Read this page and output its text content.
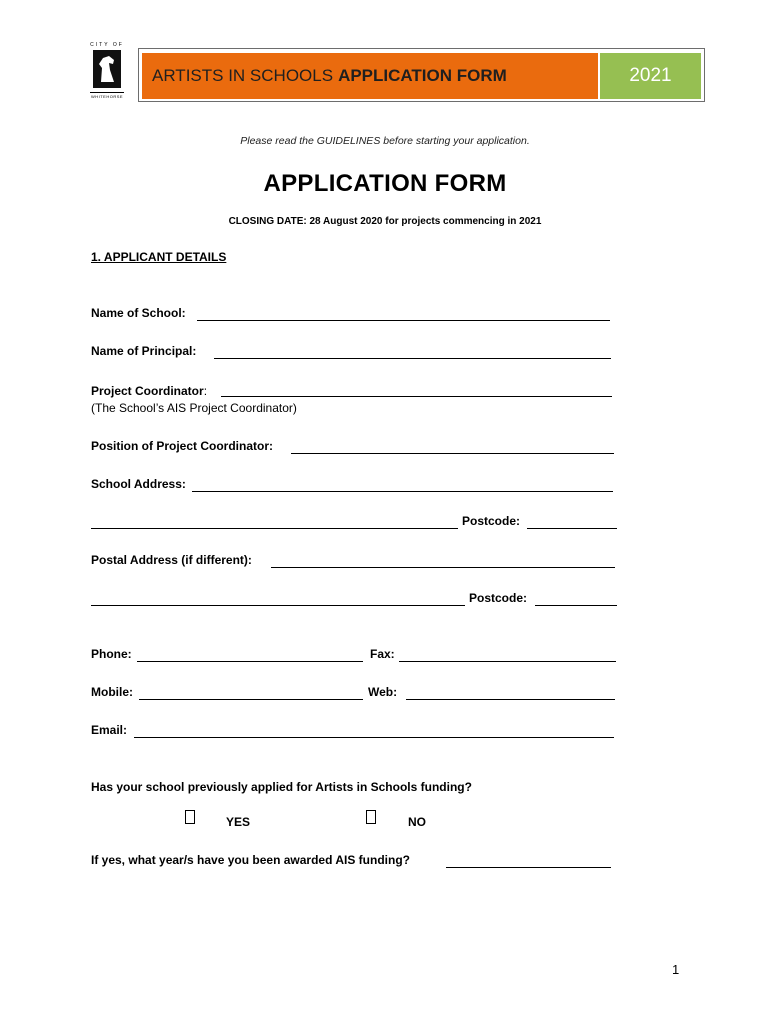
CITY OF
WHITEHORSE
ARTISTS IN SCHOOLS APPLICATION FORM	2021
Please read the GUIDELINES before starting your application.
APPLICATION FORM
CLOSING DATE: 28 August 2020 for projects commencing in 2021
1. APPLICANT DETAILS
Name of School:
Name of Principal:
Project Coordinator:
(The School’s AIS Project Coordinator)
Position of Project Coordinator:
School Address:
Postcode:
Postal Address (if different):
Postcode:
Phone:	Fax:
Mobile:	Web:
Email:
Has your school previously applied for Artists in Schools funding?
YES	NO
If yes, what year/s have you been awarded AIS funding?
1
